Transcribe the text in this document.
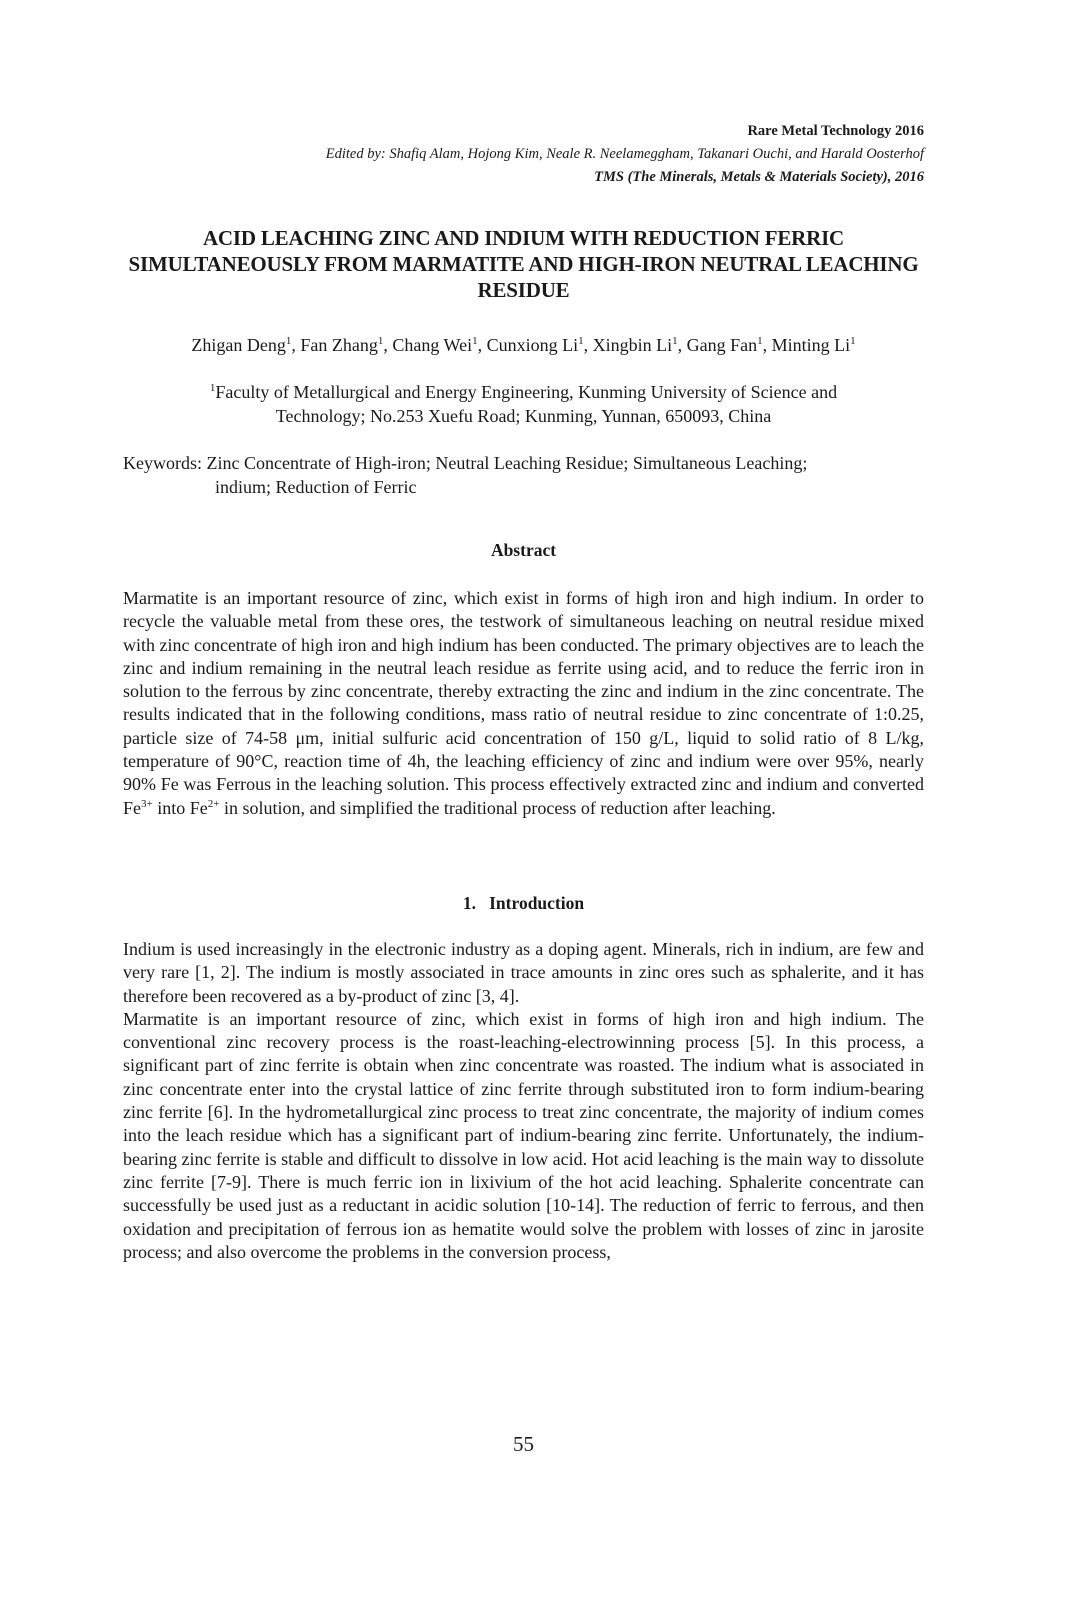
Rare Metal Technology 2016
Edited by: Shafiq Alam, Hojong Kim, Neale R. Neelameggham, Takanari Ouchi, and Harald Oosterhof
TMS (The Minerals, Metals & Materials Society), 2016
ACID LEACHING ZINC AND INDIUM WITH REDUCTION FERRIC SIMULTANEOUSLY FROM MARMATITE AND HIGH-IRON NEUTRAL LEACHING RESIDUE
Zhigan Deng$^1$, Fan Zhang$^1$, Chang Wei$^1$, Cunxiong Li$^1$, Xingbin Li$^1$, Gang Fan$^1$, Minting Li$^1$
$^1$Faculty of Metallurgical and Energy Engineering, Kunming University of Science and
Technology; No.253 Xuefu Road; Kunming, Yunnan, 650093, China
Keywords: Zinc Concentrate of High-iron; Neutral Leaching Residue; Simultaneous Leaching;
indium; Reduction of Ferric
Abstract

Marmatite is an important resource of zinc, which exist in forms of high iron and high indium. In order to recycle the valuable metal from these ores, the testwork of simultaneous leaching on neutral residue mixed with zinc concentrate of high iron and high indium has been conducted. The primary objectives are to leach the zinc and indium remaining in the neutral leach residue as ferrite using acid, and to reduce the ferric iron in solution to the ferrous by zinc concentrate, thereby extracting the zinc and indium in the zinc concentrate. The results indicated that in the following conditions, mass ratio of neutral residue to zinc concentrate of 1:0.25, particle size of 74-58 μm, initial sulfuric acid concentration of 150 g/L, liquid to solid ratio of 8 L/kg, temperature of 90°C, reaction time of 4h, the leaching efficiency of zinc and indium were over 95%, nearly 90% Fe was Ferrous in the leaching solution. This process effectively extracted zinc and indium and converted $Fe^{3+}$ into $Fe^{2+}$ in solution, and simplified the traditional process of reduction after leaching.

1.   Introduction

Indium is used increasingly in the electronic industry as a doping agent. Minerals, rich in indium, are few and very rare [1, 2]. The indium is mostly associated in trace amounts in zinc ores such as sphalerite, and it has therefore been recovered as a by-product of zinc [3, 4].

Marmatite is an important resource of zinc, which exist in forms of high iron and high indium. The conventional zinc recovery process is the roast-leaching-electrowinning process [5]. In this process, a significant part of zinc ferrite is obtain when zinc concentrate was roasted. The indium what is associated in zinc concentrate enter into the crystal lattice of zinc ferrite through substituted iron to form indium-bearing zinc ferrite [6]. In the hydrometallurgical zinc process to treat zinc concentrate, the majority of indium comes into the leach residue which has a significant part of indium-bearing zinc ferrite. Unfortunately, the indium-bearing zinc ferrite is stable and difficult to dissolve in low acid. Hot acid leaching is the main way to dissolute zinc ferrite [7-9]. There is much ferric ion in lixivium of the hot acid leaching. Sphalerite concentrate can successfully be used just as a reductant in acidic solution [10-14]. The reduction of ferric to ferrous, and then oxidation and precipitation of ferrous ion as hematite would solve the problem with losses of zinc in jarosite process; and also overcome the problems in the conversion process,

55
